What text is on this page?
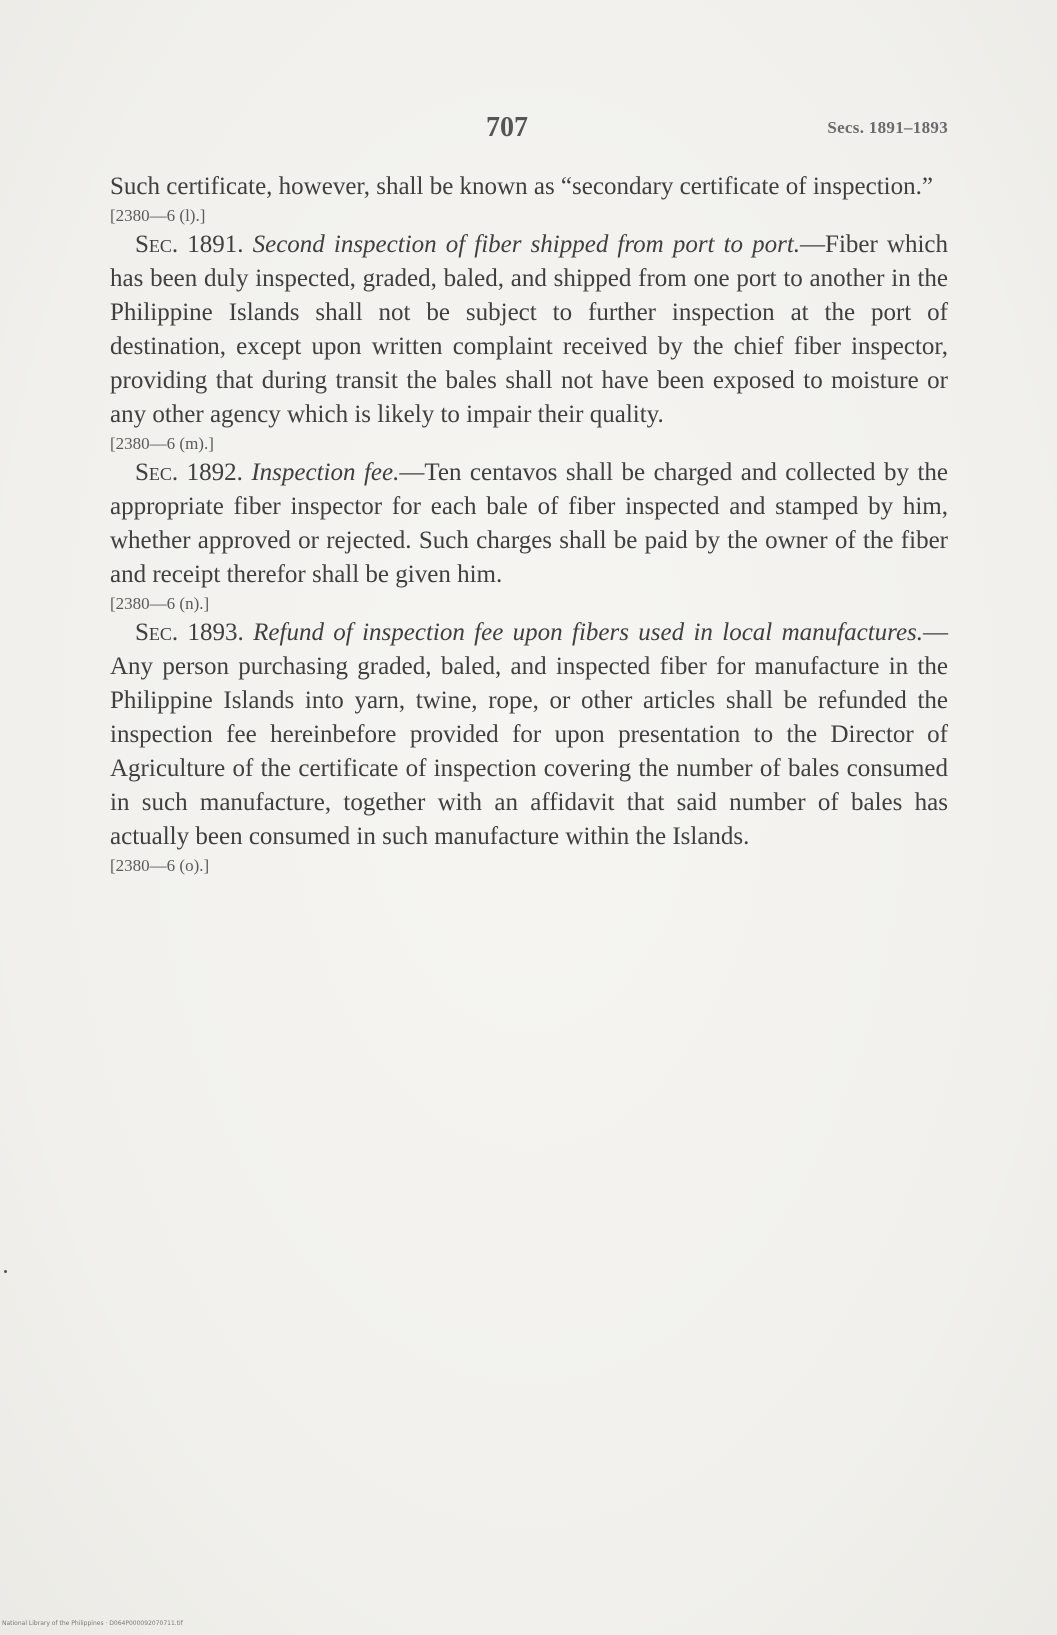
707	Secs. 1891–1893

Such certificate, however, shall be known as “secondary certificate of inspection.”

[2380—6 (l).]

Sec. 1891. Second inspection of fiber shipped from port to port.—Fiber which has been duly inspected, graded, baled, and shipped from one port to another in the Philippine Islands shall not be subject to further inspection at the port of destination, except upon written complaint received by the chief fiber inspector, providing that during transit the bales shall not have been exposed to moisture or any other agency which is likely to impair their quality.

[2380—6 (m).]

Sec. 1892. Inspection fee.—Ten centavos shall be charged and collected by the appropriate fiber inspector for each bale of fiber inspected and stamped by him, whether approved or rejected. Such charges shall be paid by the owner of the fiber and receipt therefor shall be given him.

[2380—6 (n).]

Sec. 1893. Refund of inspection fee upon fibers used in local manufactures.—Any person purchasing graded, baled, and inspected fiber for manufacture in the Philippine Islands into yarn, twine, rope, or other articles shall be refunded the inspection fee hereinbefore provided for upon presentation to the Director of Agriculture of the certificate of inspection covering the number of bales consumed in such manufacture, together with an affidavit that said number of bales has actually been consumed in such manufacture within the Islands.

[2380—6 (o).]

National Library of the Philippines · D064P000092070711.tif
